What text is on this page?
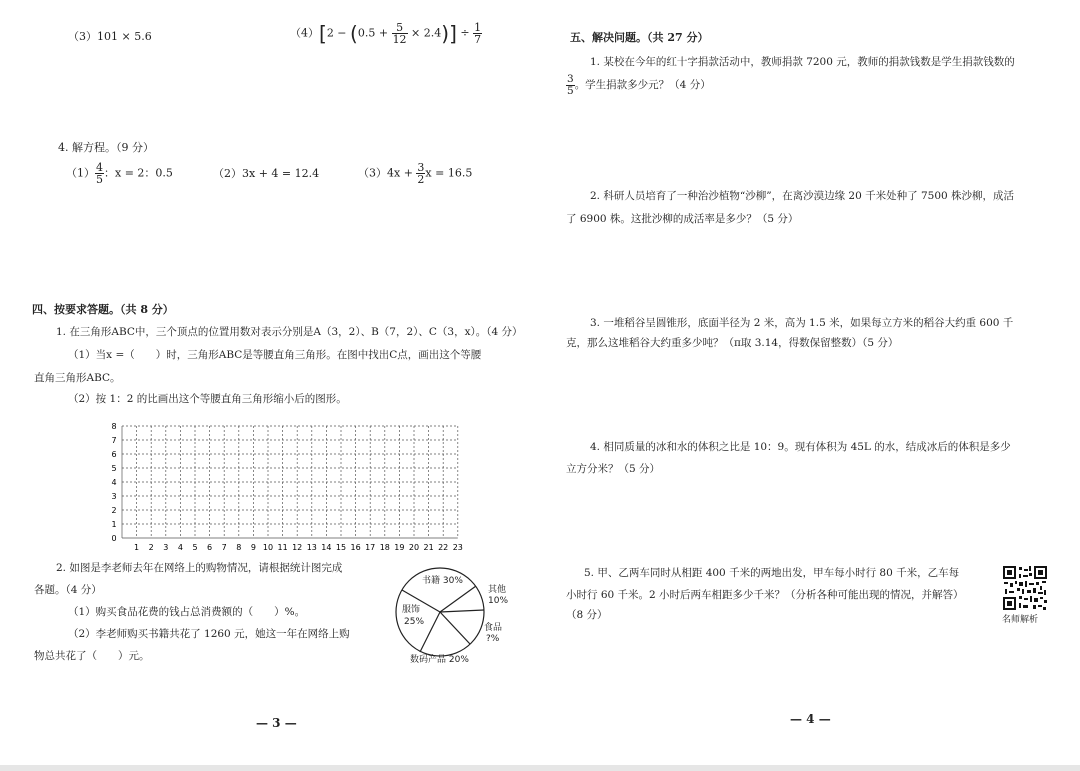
（3）101 × 5.6	$(4)[2 - (0.5 + \frac{5}{12} \times 2.4)] \div \frac{1}{7}$
4. 解方程。（9 分）
$(1) \frac{4}{5}$ ：x = 2：0.5	（2）3x + 4 = 12.4	$(3)4x + \frac{3}{2}$ x = 16.5
四、按要求答题。（共 8 分）
1. 在三角形ABC中，三个顶点的位置用数对表示分别是A（3，2）、B（7，2）、C（3，x）。（4 分）
（1）当x =（　　）时，三角形ABC是等腰直角三角形。在图中找出C点，画出这个等腰
直角三角形ABC。
（2）按 1：2 的比画出这个等腰直角三角形缩小后的图形。
8
7
6
5
4
3
2
1
0
1 2 3 4 5 6 7 8 9 10 11 12 13 14 15 16 17 18 19 20 21 22 23
2. 如图是李老师去年在网络上的购物情况，请根据统计图完成
各题。（4 分）
（1）购买食品花费的钱占总消费额的（　　）%。
（2）李老师购买书籍共花了 1260 元，她这一年在网络上购
物总共花了（　　）元。
书籍 30%
服饰
25%
其他
10%
食品
?%
数码产品 20%
— 3 —
五、解决问题。（共 27 分）
1. 某校在今年的红十字捐款活动中，教师捐款 7200 元，教师的捐款钱数是学生捐款钱数的
$\frac{3}{5}$ 。学生捐款多少元？（4 分）
2. 科研人员培育了一种治沙植物“沙柳”，在离沙漠边缘 20 千米处种了 7500 株沙柳，成活
了 6900 株。这批沙柳的成活率是多少？（5 分）
3. 一堆稻谷呈圆锥形，底面半径为 2 米，高为 1.5 米，如果每立方米的稻谷大约重 600 千
克，那么这堆稻谷大约重多少吨？（π取 3.14，得数保留整数）（5 分）
4. 相同质量的冰和水的体积之比是 10：9。现有体积为 45L 的水，结成冰后的体积是多少
立方分米？（5 分）
5. 甲、乙两车同时从相距 400 千米的两地出发，甲车每小时行 80 千米，乙车每
小时行 60 千米。2 小时后两车相距多少千米？（分析各种可能出现的情况，并解答）
（8 分）	名师解析
— 4 —
